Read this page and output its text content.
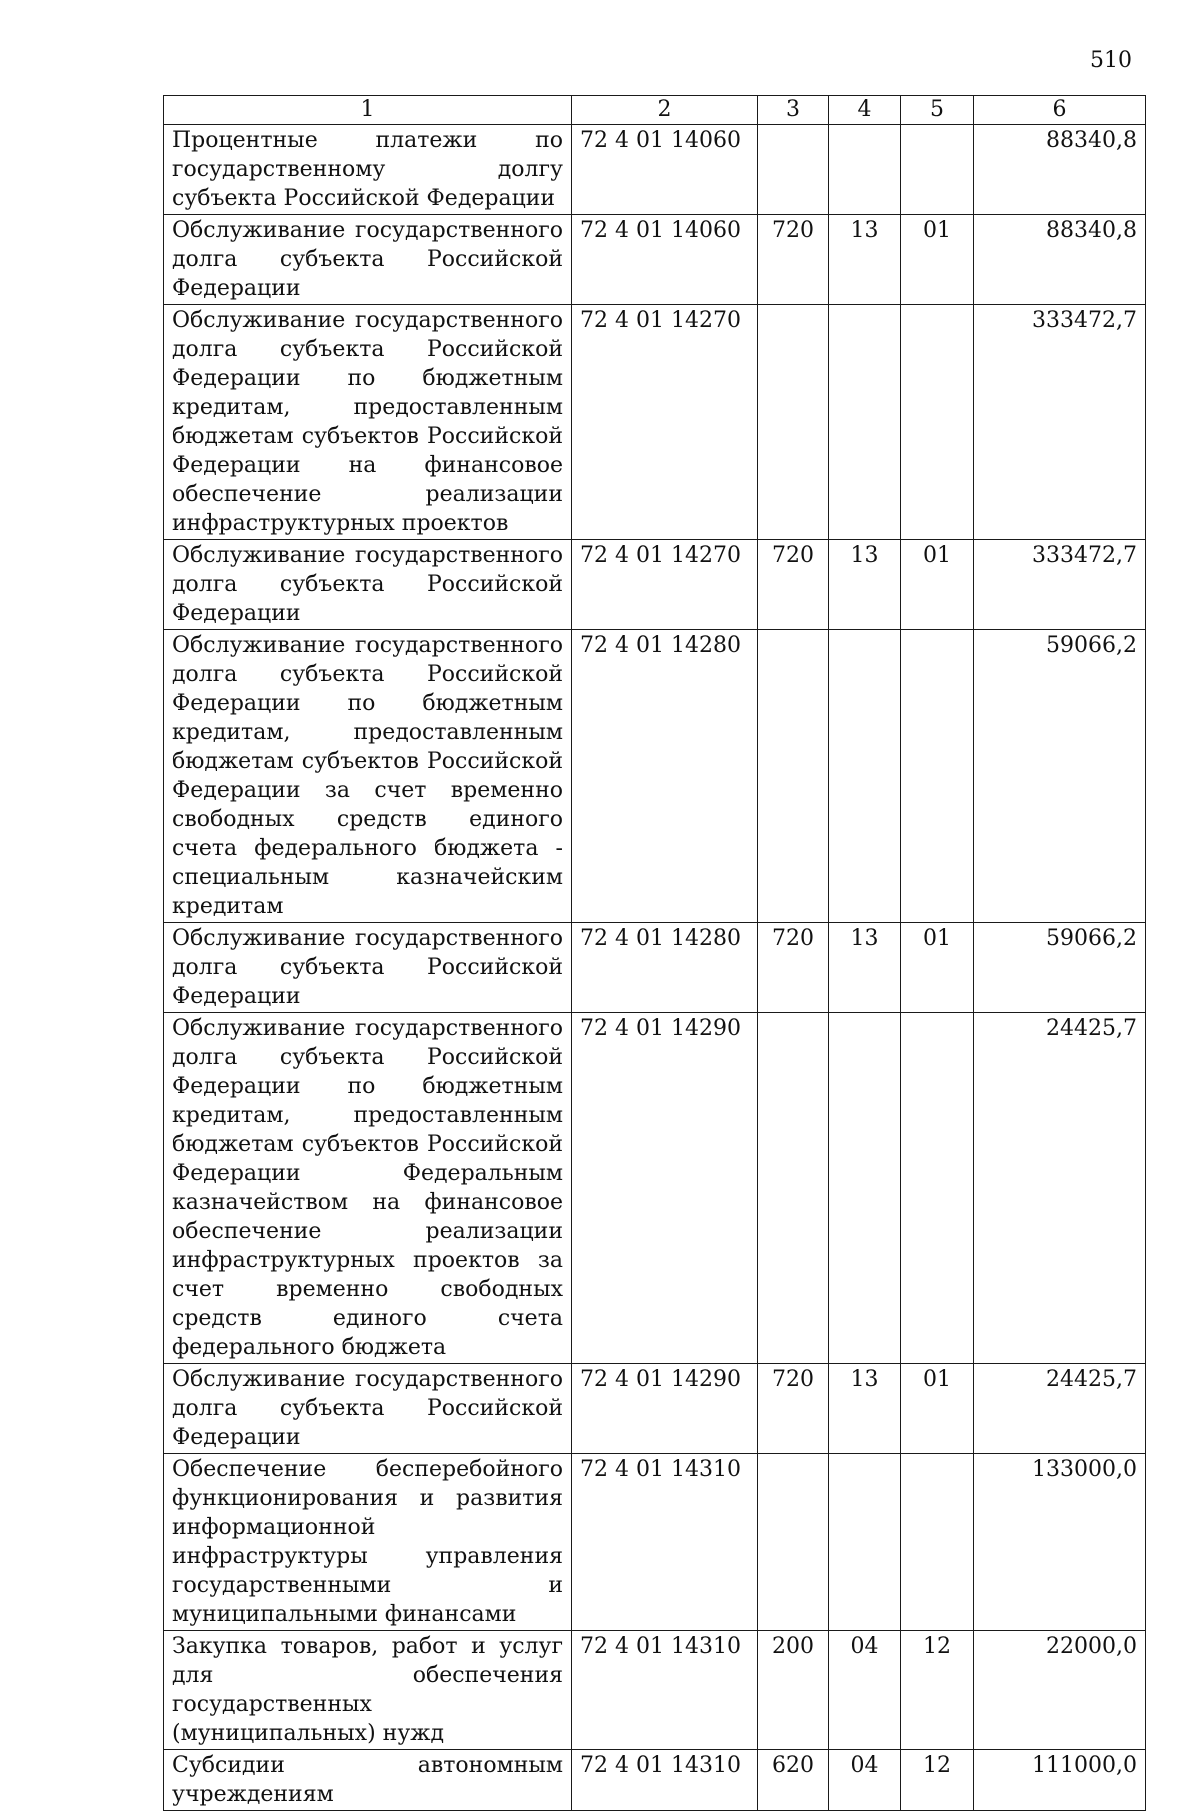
510
1	2	3	4	5	6
Процентные платежи по государственному долгу субъекта Российской Федерации	72 4 01 14060				88340,8
Обслуживание государственного долга субъекта Российской Федерации	72 4 01 14060	720	13	01	88340,8
Обслуживание государственного долга субъекта Российской Федерации по бюджетным кредитам, предоставленным бюджетам субъектов Российской Федерации на финансовое обеспечение реализации инфраструктурных проектов	72 4 01 14270				333472,7
Обслуживание государственного долга субъекта Российской Федерации	72 4 01 14270	720	13	01	333472,7
Обслуживание государственного долга субъекта Российской Федерации по бюджетным кредитам, предоставленным бюджетам субъектов Российской Федерации за счет временно свободных средств единого счета федерального бюджета - специальным казначейским кредитам	72 4 01 14280				59066,2
Обслуживание государственного долга субъекта Российской Федерации	72 4 01 14280	720	13	01	59066,2
Обслуживание государственного долга субъекта Российской Федерации по бюджетным кредитам, предоставленным бюджетам субъектов Российской Федерации Федеральным казначейством на финансовое обеспечение реализации инфраструктурных проектов за счет временно свободных средств единого счета федерального бюджета	72 4 01 14290				24425,7
Обслуживание государственного долга субъекта Российской Федерации	72 4 01 14290	720	13	01	24425,7
Обеспечение бесперебойного функционирования и развития информационной инфраструктуры управления государственными и муниципальными финансами	72 4 01 14310				133000,0
Закупка товаров, работ и услуг для обеспечения государственных (муниципальных) нужд	72 4 01 14310	200	04	12	22000,0
Субсидии автономным учреждениям	72 4 01 14310	620	04	12	111000,0
